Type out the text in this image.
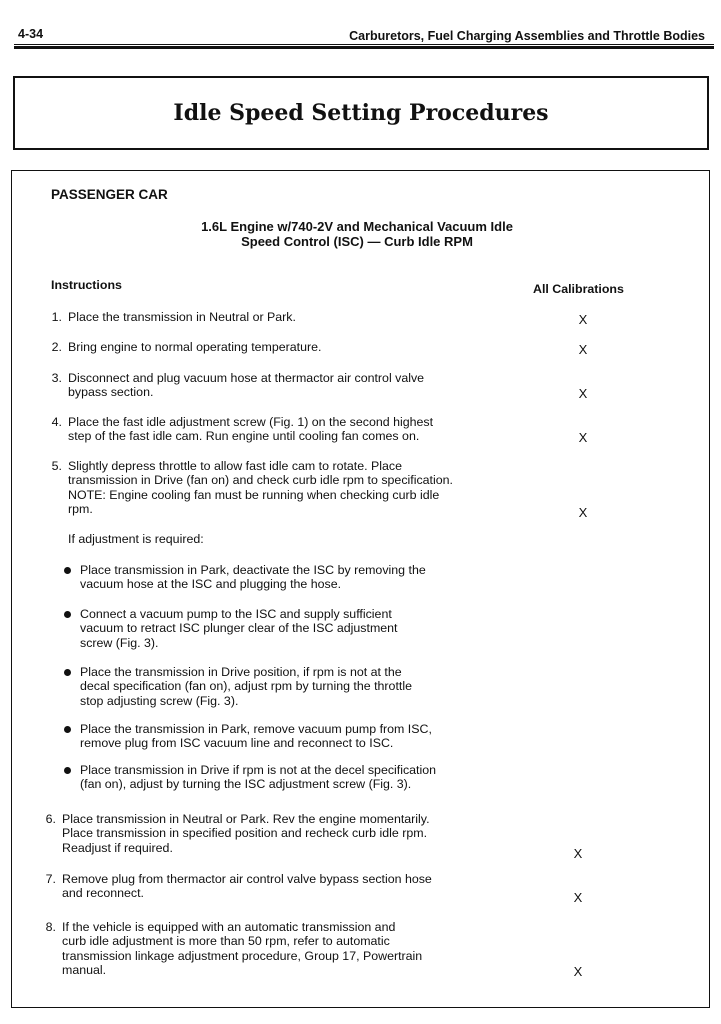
4-34	Carburetors, Fuel Charging Assemblies and Throttle Bodies
Idle Speed Setting Procedures
PASSENGER CAR
1.6L Engine w/740-2V and Mechanical Vacuum Idle
Speed Control (ISC) — Curb Idle RPM
Instructions	All Calibrations
1. Place the transmission in Neutral or Park.	X
2. Bring engine to normal operating temperature.	X
3. Disconnect and plug vacuum hose at thermactor air control valve
bypass section.	X
4. Place the fast idle adjustment screw (Fig. 1) on the second highest
step of the fast idle cam. Run engine until cooling fan comes on.	X
5. Slightly depress throttle to allow fast idle cam to rotate. Place
transmission in Drive (fan on) and check curb idle rpm to specification.
NOTE: Engine cooling fan must be running when checking curb idle
rpm.	X
If adjustment is required:
Place transmission in Park, deactivate the ISC by removing the
vacuum hose at the ISC and plugging the hose.
Connect a vacuum pump to the ISC and supply sufficient
vacuum to retract ISC plunger clear of the ISC adjustment
screw (Fig. 3).
Place the transmission in Drive position, if rpm is not at the
decal specification (fan on), adjust rpm by turning the throttle
stop adjusting screw (Fig. 3).
Place the transmission in Park, remove vacuum pump from ISC,
remove plug from ISC vacuum line and reconnect to ISC.
Place transmission in Drive if rpm is not at the decel specification
(fan on), adjust by turning the ISC adjustment screw (Fig. 3).
6. Place transmission in Neutral or Park. Rev the engine momentarily.
Place transmission in specified position and recheck curb idle rpm.
Readjust if required.	X
7. Remove plug from thermactor air control valve bypass section hose
and reconnect.	X
8. If the vehicle is equipped with an automatic transmission and
curb idle adjustment is more than 50 rpm, refer to automatic
transmission linkage adjustment procedure, Group 17, Powertrain
manual.	X
